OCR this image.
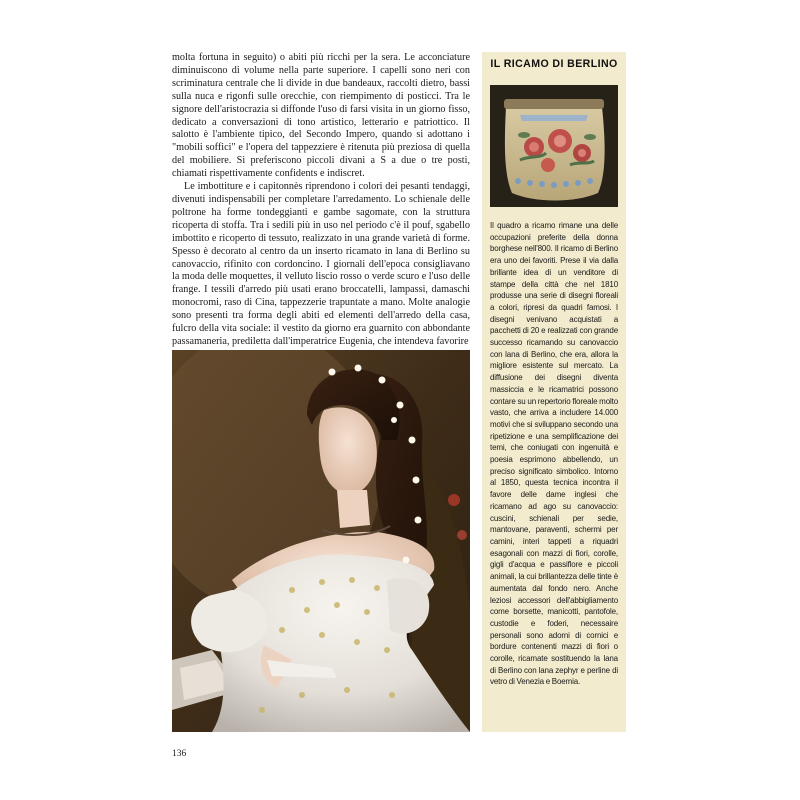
molta fortuna in seguito) o abiti più ricchi per la sera. Le acconciature diminuiscono di volume nella parte superiore. I capelli sono neri con scriminatura centrale che li divide in due bandeaux, raccolti dietro, bassi sulla nuca e rigonfi sulle orecchie, con riempimento di posticci. Tra le signore dell'aristocrazia si diffonde l'uso di farsi visita in un giorno fisso, dedicato a conversazioni di tono artistico, letterario e patriottico. Il salotto è l'ambiente tipico, del Secondo Impero, quando si adottano i "mobili soffici" e l'opera del tappezziere è ritenuta più preziosa di quella del mobiliere. Si preferiscono piccoli divani a S a due o tre posti, chiamati rispettivamente confidents e indiscret.

Le imbottiture e i capitonnès riprendono i colori dei pesanti tendaggi, divenuti indispensabili per completare l'arredamento. Lo schienale delle poltrone ha forme tondeggianti e gambe sagomate, con la struttura ricoperta di stoffa. Tra i sedili più in uso nel periodo c'è il pouf, sgabello imbottito e ricoperto di tessuto, realizzato in una grande varietà di forme. Spesso è decorato al centro da un inserto ricamato in lana di Berlino su canovaccio, rifinito con cordoncino. I giornali dell'epoca consigliavano la moda delle moquettes, il velluto liscio rosso o verde scuro e l'uso delle frange. I tessili d'arredo più usati erano broccatelli, lampassi, damaschi monocromi, raso di Cina, tappezzerie trapuntate a mano. Molte analogie sono presenti tra forma degli abiti ed elementi dell'arredo della casa, fulcro della vita sociale: il vestito da giorno era guarnito con abbondante passamaneria, prediletta dall'imperatrice Eugenia, che intendeva favorire

IL RICAMO DI BERLINO
Il quadro a ricamo rimane una delle occupazioni preferite della donna borghese nell'800. Il ricamo di Berlino era uno dei favoriti. Prese il via dalla brillante idea di un venditore di stampe della città che nel 1810 produsse una serie di disegni floreali a colori, ripresi da quadri famosi. I disegni venivano acquistati a pacchetti di 20 e realizzati con grande successo ricamando su canovaccio con lana di Berlino, che era, allora la migliore esistente sul mercato. La diffusione dei disegni diventa massiccia e le ricamatrici possono contare su un repertorio floreale molto vasto, che arriva a includere 14.000 motivi che si sviluppano secondo una ripetizione e una semplificazione dei temi, che coniugati con ingenuità e poesia esprimono abbellendo, un preciso significato simbolico. Intorno al 1850, questa tecnica incontra il favore delle dame inglesi che ricamano ad ago su canovaccio: cuscini, schienali per sedie, mantovane, paraventi, schermi per camini, interi tappeti a riquadri esagonali con mazzi di fiori, corolle, gigli d'acqua e passiflore e piccoli animali, la cui brillantezza delle tinte è aumentata dal fondo nero. Anche leziosi accessori dell'abbigliamento come borsette, manicotti, pantofole, custodie e foderi, necessaire personali sono adorni di cornici e bordure contenenti mazzi di fiori o corolle, ricamate sostituendo la lana di Berlino con lana zephyr e perline di vetro di Venezia e Boemia.
136
